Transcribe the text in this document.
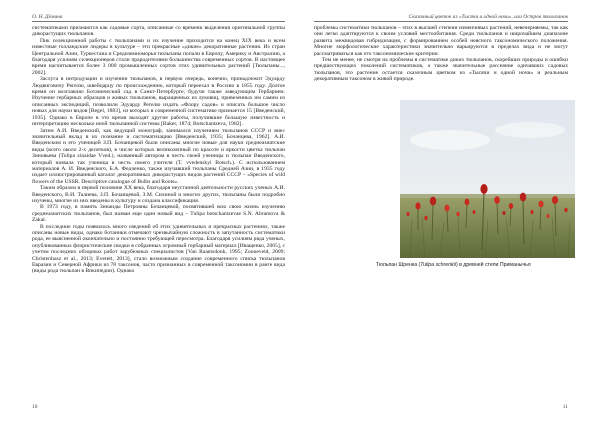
О. Н. Дёмина

систематиками признаются как садовые сорта, описанные со времени выделения оригинальной группы дикорастущих тюльпанов.

Пик селекционной работы с тюльпанами и их изучение приходится на конец XIX века и всем известные голландские лидеры в культуре – эти прекрасные «дикие» декоративные растения. Из стран Центральной Азии, Туркестана и Средиземноморья тюльпаны попали в Европу, Америку и Австралию, а благодаря усилиям селекционеров стали прародителями большинства современных сортов. В настоящее время насчитывается более 3 000 промышленных сортов этих удивительных растений [Тюльпаны..., 2002].

Заслуга в интродукции и изучении тюльпанов, в первую очередь, конечно, принадлежит Эдуарду Людвиговичу Регелю, швейцарцу по происхождению, который переехал в Россию в 1855 году. Долгое время он возглавлял Ботанический сад в Санкт-Петербурге, будучи также заведующим Гербарием. Изучение гербарных образцов и живых тюльпанов, выращенных из луковиц, привезенных им самим из описанных экспедиций, позволили Эдуарду Регелю издать «Флору садов» и описать большое число новых для науки видов [Regel, 1883], из которых в современной систематике признается 15 [Введенский, 1935]. Однако в Европе в это время выходят другие работы, получившие большую известность и интерпретацию несколько иной тюльпанной системы [Baker, 1874; Botschantzeva, 1982].

Затем А.И. Введенский, как ведущий монограф, занимался изучением тюльпанов СССР и внес значительный вклад в их познание и систематизацию [Введенский, 1935; Бочанцева, 1962]. А.И. Введенским и его ученицей З.П. Бочанцевой были описаны многие новые для науки среднеазиатские виды (всего около 2-х десятков), в числе которых великолепный по красоте и яркости цветка тюльпан Зиновьева (Tulipa zinaidae Vved.), названный автором в честь своей ученицы и тюльпан Введенского, который назвала так ученица в честь своего учителя (T. vvedenskyi Botsch.). С использованием материалов А. И. Введенского, Б.А. Федченко, также изучавший тюльпаны Средней Азии, в 1935 году издает иллюстрированный каталог декоративных дикорастущих видов растений СССР – «Species of wild flowers of the USSR. Descriptive catalogue of Bulbs and Roots».

Таким образом в первой половине XX века, благодаря неустанной деятельности русских ученых А.И. Введенского, В.И. Талиева, З.П. Бочанцевой, З.М. Силиной и многих других, тюльпаны были подробно изучены, многие из них введены в культуру и создана классификация.

В 1973 году, в память Зинаиды Петровны Бочанцевой, посвятившей всю свою жизнь изучению среднеазиатских тюльпанов, был назван еще один новый вид – Tulipa botschantzevae S.N. Abramova & Zakal.

В последние годы появилось много сведений об этих удивительных и прекрасных растениях, также описаны новые виды, однако ботаники отмечают чрезвычайную сложность в запутанность систематики рода, ее выясненной окончательно и постоянно требующей пересмотра. Благодаря усилиям ряда ученых, опубликованных флористические сводки в собранных огромный гербарный материал [Иващенко, 2005], с учетом последних обзорных работ зарубежных специалистов [Van Raamsdonk, 1995; Zonneveld, 2009; Christenhusz et al., 2013; Everett, 2013], стало возможным создание современного списка тюльпанов Евразии и Северной Африки из 78 таксонов, часто признанных в современной таксономии в ранге вида (виды рода тюльпан в Википедии). Однако

10
Сказочный цветок из «Тысячи и одной ночи», или Остров тюльпанов

проблемы систематики тюльпанов – этих в высшей степени изменчивых растений, невечерняемы, так как они легко адаптируются к своим условий местообитания. Среди тюльпанов и широчайшем диапазоне развита межвидовая гибридизация, с формированием особей неясного таксономического положения. Многие морфологические характеристики значительно варьируются в пределах вида и не могут рассматриваться как его таксономические критерии.

Тем не менее, не смотря на проблемы в систематике диких тюльпанов, скорейших природы и ошибки предшествующих поколений систематиков, а также значительные рассеяние одичавших садовых тюльпанов, это растение остается сказочным цветком из «Тысячи и одной ночи» и реальным декоративным таксоном в живой природе.

Тюльпан Шренка (Tulipa schrenkii) в древней степи Приманычья
11
